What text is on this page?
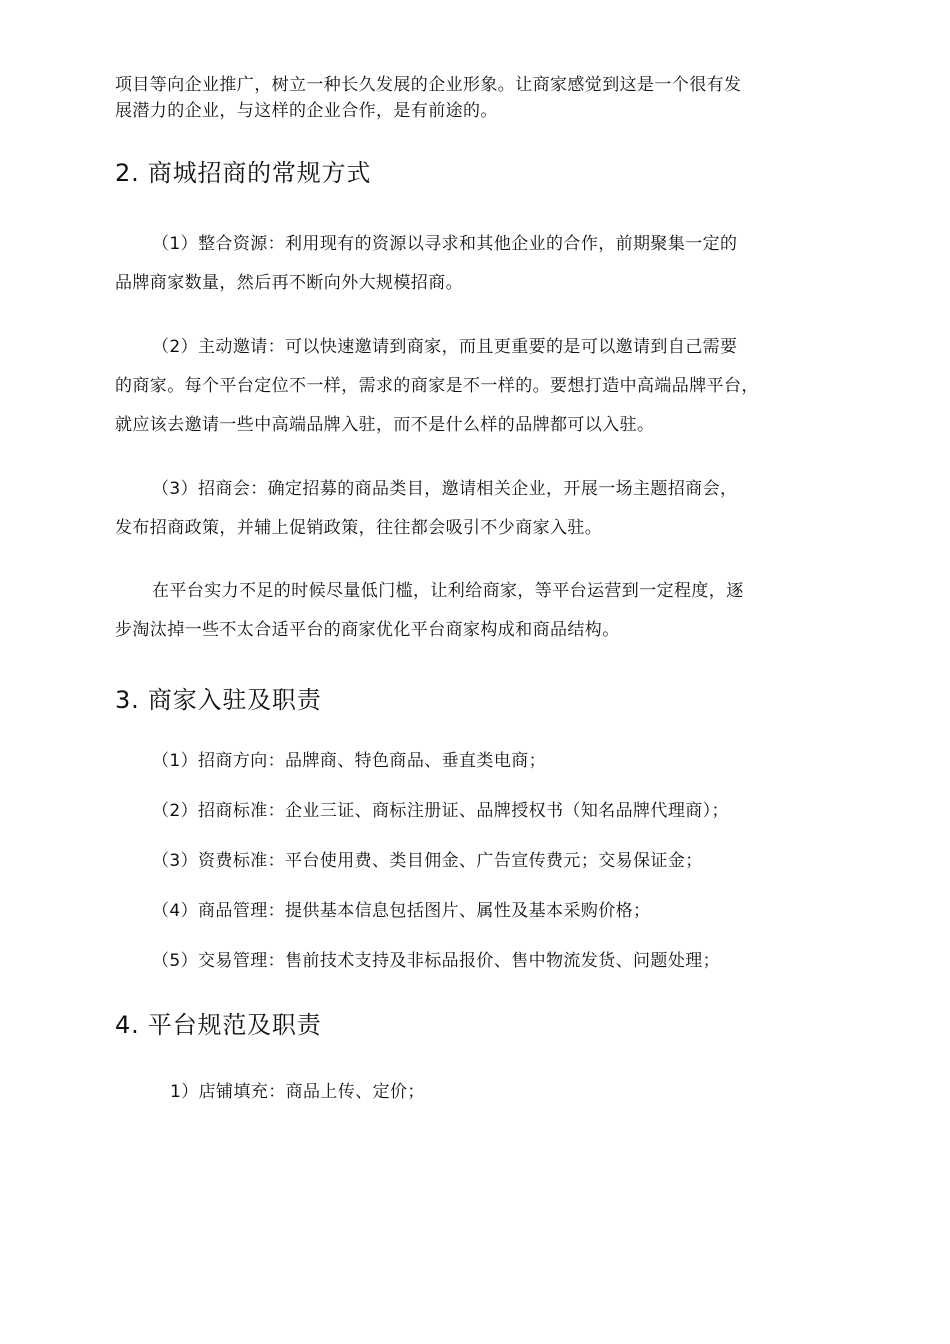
项目等向企业推广，树立一种长久发展的企业形象。让商家感觉到这是一个很有发
展潜力的企业，与这样的企业合作，是有前途的。
2. 商城招商的常规方式
（1）整合资源：利用现有的资源以寻求和其他企业的合作，前期聚集一定的
品牌商家数量，然后再不断向外大规模招商。
（2）主动邀请：可以快速邀请到商家，而且更重要的是可以邀请到自己需要
的商家。每个平台定位不一样，需求的商家是不一样的。要想打造中高端品牌平台，
就应该去邀请一些中高端品牌入驻，而不是什么样的品牌都可以入驻。
（3）招商会：确定招募的商品类目，邀请相关企业，开展一场主题招商会，
发布招商政策，并辅上促销政策，往往都会吸引不少商家入驻。
在平台实力不足的时候尽量低门槛，让利给商家，等平台运营到一定程度，逐
步淘汰掉一些不太合适平台的商家优化平台商家构成和商品结构。
3. 商家入驻及职责
（1）招商方向：品牌商、特色商品、垂直类电商；
（2）招商标准：企业三证、商标注册证、品牌授权书（知名品牌代理商）；
（3）资费标准：平台使用费、类目佣金、广告宣传费元；交易保证金；
（4）商品管理：提供基本信息包括图片、属性及基本采购价格；
（5）交易管理：售前技术支持及非标品报价、售中物流发货、问题处理；
4. 平台规范及职责
1）店铺填充：商品上传、定价；
